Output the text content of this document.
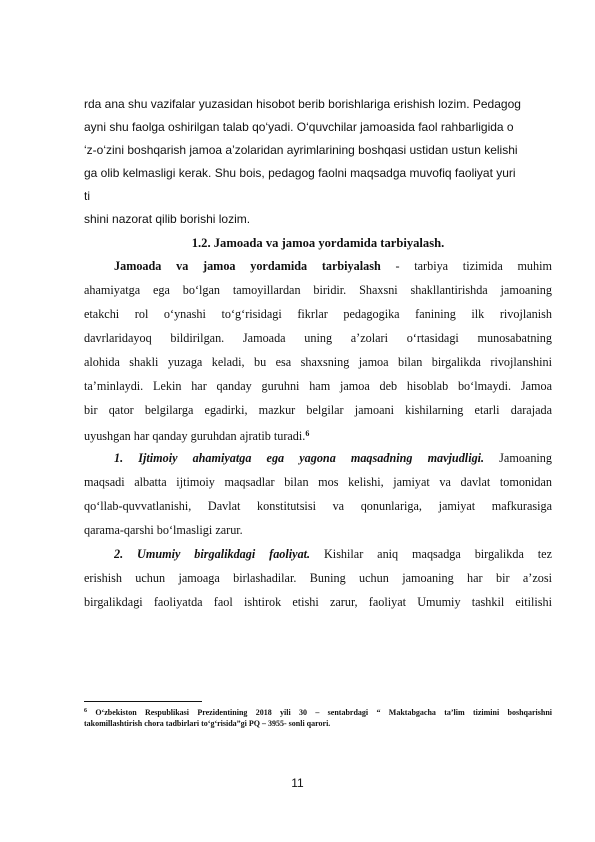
rda ana shu vazifalar yuzasidan hisobot berib borishlariga erishish lozim. Pedagog
ayni shu faolga oshirilgan talab qo‘yadi. O‘quvchilar jamoasida faol rahbarligida o
‘z-o‘zini boshqarish jamoa a’zolaridan ayrimlarining boshqasi ustidan ustun kelishi
ga olib kelmasligi kerak. Shu bois, pedagog faolni maqsadga muvofiq faoliyat yuri
ti
shini nazorat qilib borishi lozim.
1.2. Jamoada va jamoa yordamida tarbiyalash.
Jamoada va jamoa yordamida tarbiyalash - tarbiya tizimida muhim
ahamiyatga ega bo‘lgan tamoyillardan biridir. Shaxsni shakllantirishda jamoaning
etakchi rol o‘ynashi to‘g‘risidagi fikrlar pedagogika fanining ilk rivojlanish
davrlaridayoq bildirilgan. Jamoada uning a’zolari o‘rtasidagi munosabatning
alohida shakli yuzaga keladi, bu esa shaxsning jamoa bilan birgalikda rivojlanshini
ta’minlaydi. Lekin har qanday guruhni ham jamoa deb hisoblab bo‘lmaydi. Jamoa
bir qator belgilarga egadirki, mazkur belgilar jamoani kishilarning etarli darajada
uyushgan har qanday guruhdan ajratib turadi.$^6$
1. Ijtimoiy ahamiyatga ega yagona maqsadning mavjudligi. Jamoaning
maqsadi albatta ijtimoiy maqsadlar bilan mos kelishi, jamiyat va davlat tomonidan
qo‘llab-quvvatlanishi, Davlat konstitutsisi va qonunlariga, jamiyat mafkurasiga
qarama-qarshi bo‘lmasligi zarur.
2. Umumiy birgalikdagi faoliyat. Kishilar aniq maqsadga birgalikda tez
erishish uchun jamoaga birlashadilar. Buning uchun jamoaning har bir a’zosi
birgalikdagi faoliyatda faol ishtirok etishi zarur, faoliyat Umumiy tashkil eitilishi
$^6$ O‘zbekiston Respublikasi Prezidentining 2018 yili 30 – sentabrdagi “ Maktabgacha ta’lim tizimini boshqarishni
takomillashtirish chora tadbirlari to‘g‘risida”gi PQ – 3955- sonli qarori.
11
